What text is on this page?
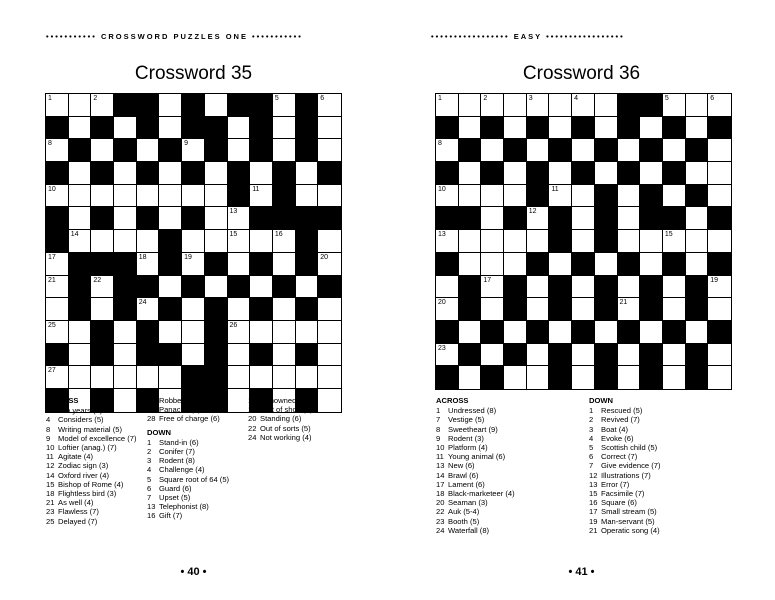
••••••••••• CROSSWORD PUZZLES ONE •••••••••••
Crossword 35
1	2	3	4	5	6
7
8	9
10	11
12	13
14	15	16
17	18	19	20
21	22	23
24
25	26
27	28
ACROSS
1	Ten years (6)
4	Considers (5)
8	Writing material (5)
9	Model of excellence (7)
10 Loftier (anag.) (7)
11 Agitate (4)
12 Zodiac sign (3)
14 Oxford river (4)
15 Bishop of Rome (4)
18 Flightless bird (3)
21 As well (4)
23 Flawless (7)
25 Delayed (7)
26 Robbery (5)
27 Panache (5)
28 Free of charge (6)
DOWN
1	Stand-in (6)
2	Conifer (7)
3	Rodent (8)
4	Challenge (4)
5	Square root of 64 (5)
6	Guard (6)
7	Upset (5)
13 Telephonist (8)
16 Gift (7)
17 Renowned (6)
19 Part of shoe (5)
20 Standing (6)
22 Out of sorts (5)
24 Not working (4)
• 40 •
••••••••••••••••• EASY •••••••••••••••••
Crossword 36
1	2	3	4	5	6
7
8
9
10	11
12
13	14	15
16
17	18	19
20	21
22
23
24
ACROSS
1	Undressed (8)
7	Vestige (5)
8	Sweetheart (9)
9	Rodent (3)
10 Platform (4)
11 Young animal (6)
13 New (6)
14 Brawl (6)
17 Lament (6)
18 Black-marketeer (4)
20 Seaman (3)
22 Auk (5-4)
23 Booth (5)
24 Waterfall (8)
DOWN
1	Rescued (5)
2	Revived (7)
3	Boat (4)
4	Evoke (6)
5	Scottish child (5)
6	Correct (7)
7	Give evidence (7)
12 Illustrations (7)
13 Error (7)
15 Facsimile (7)
16 Square (6)
17 Small stream (5)
19 Man-servant (5)
21 Operatic song (4)
• 41 •
